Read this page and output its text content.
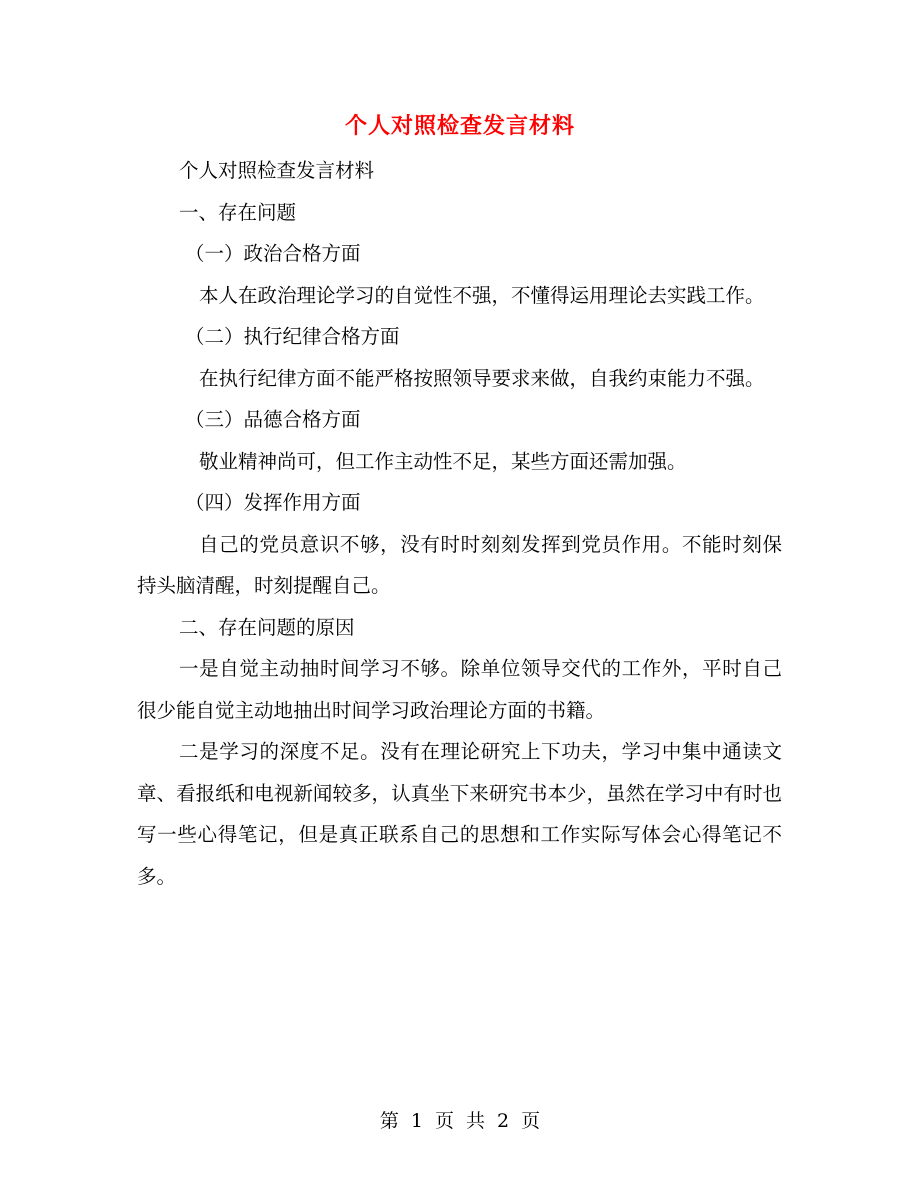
个人对照检查发言材料

个人对照检查发言材料

一、存在问题

（一）政治合格方面

本人在政治理论学习的自觉性不强，不懂得运用理论去实践工作。

（二）执行纪律合格方面

在执行纪律方面不能严格按照领导要求来做，自我约束能力不强。

（三）品德合格方面

敬业精神尚可，但工作主动性不足，某些方面还需加强。

（四）发挥作用方面

自己的党员意识不够，没有时时刻刻发挥到党员作用。不能时刻保持头脑清醒，时刻提醒自己。

二、存在问题的原因

一是自觉主动抽时间学习不够。除单位领导交代的工作外，平时自己很少能自觉主动地抽出时间学习政治理论方面的书籍。

二是学习的深度不足。没有在理论研究上下功夫，学习中集中通读文章、看报纸和电视新闻较多，认真坐下来研究书本少，虽然在学习中有时也写一些心得笔记，但是真正联系自己的思想和工作实际写体会心得笔记不多。

第 1 页 共 2 页
